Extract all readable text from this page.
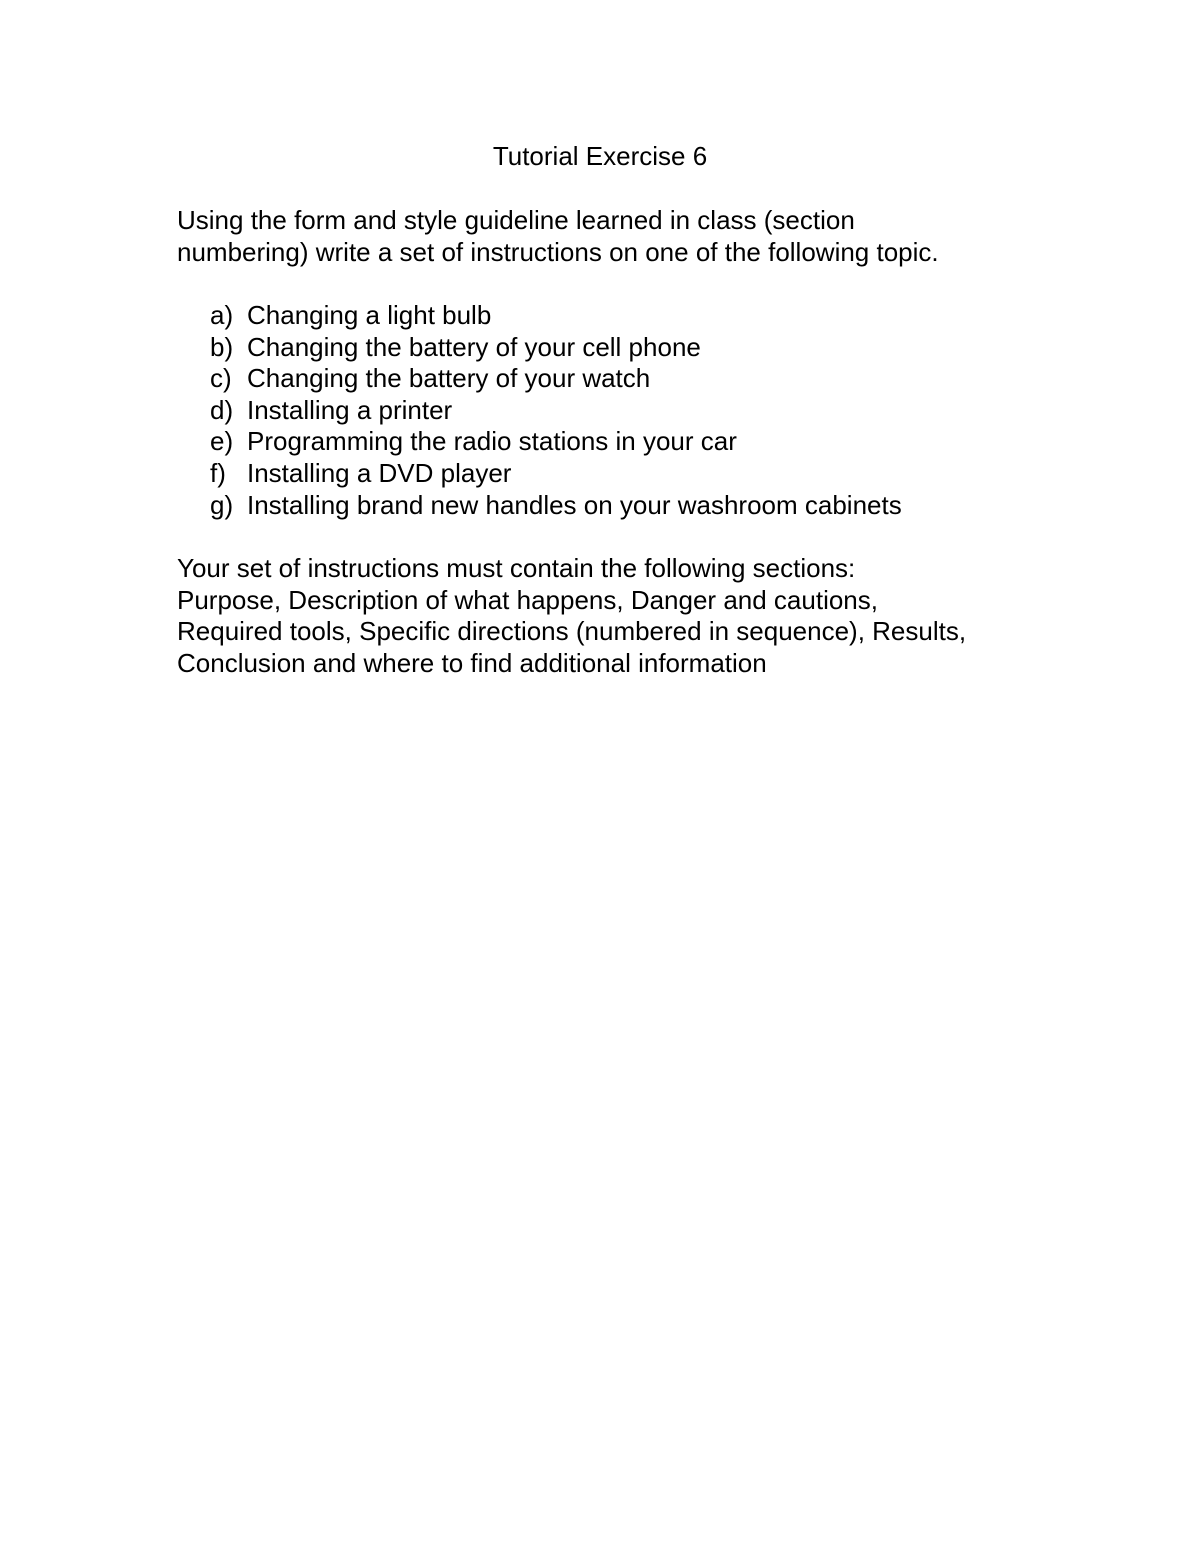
Tutorial Exercise 6
Using the form and style guideline learned in class (section
numbering) write a set of instructions on one of the following topic.
a) Changing a light bulb
b) Changing the battery of your cell phone
c) Changing the battery of your watch
d) Installing a printer
e) Programming the radio stations in your car
f) Installing a DVD player
g) Installing brand new handles on your washroom cabinets
Your set of instructions must contain the following sections:
Purpose, Description of what happens, Danger and cautions,
Required tools, Specific directions (numbered in sequence), Results,
Conclusion and where to find additional information
